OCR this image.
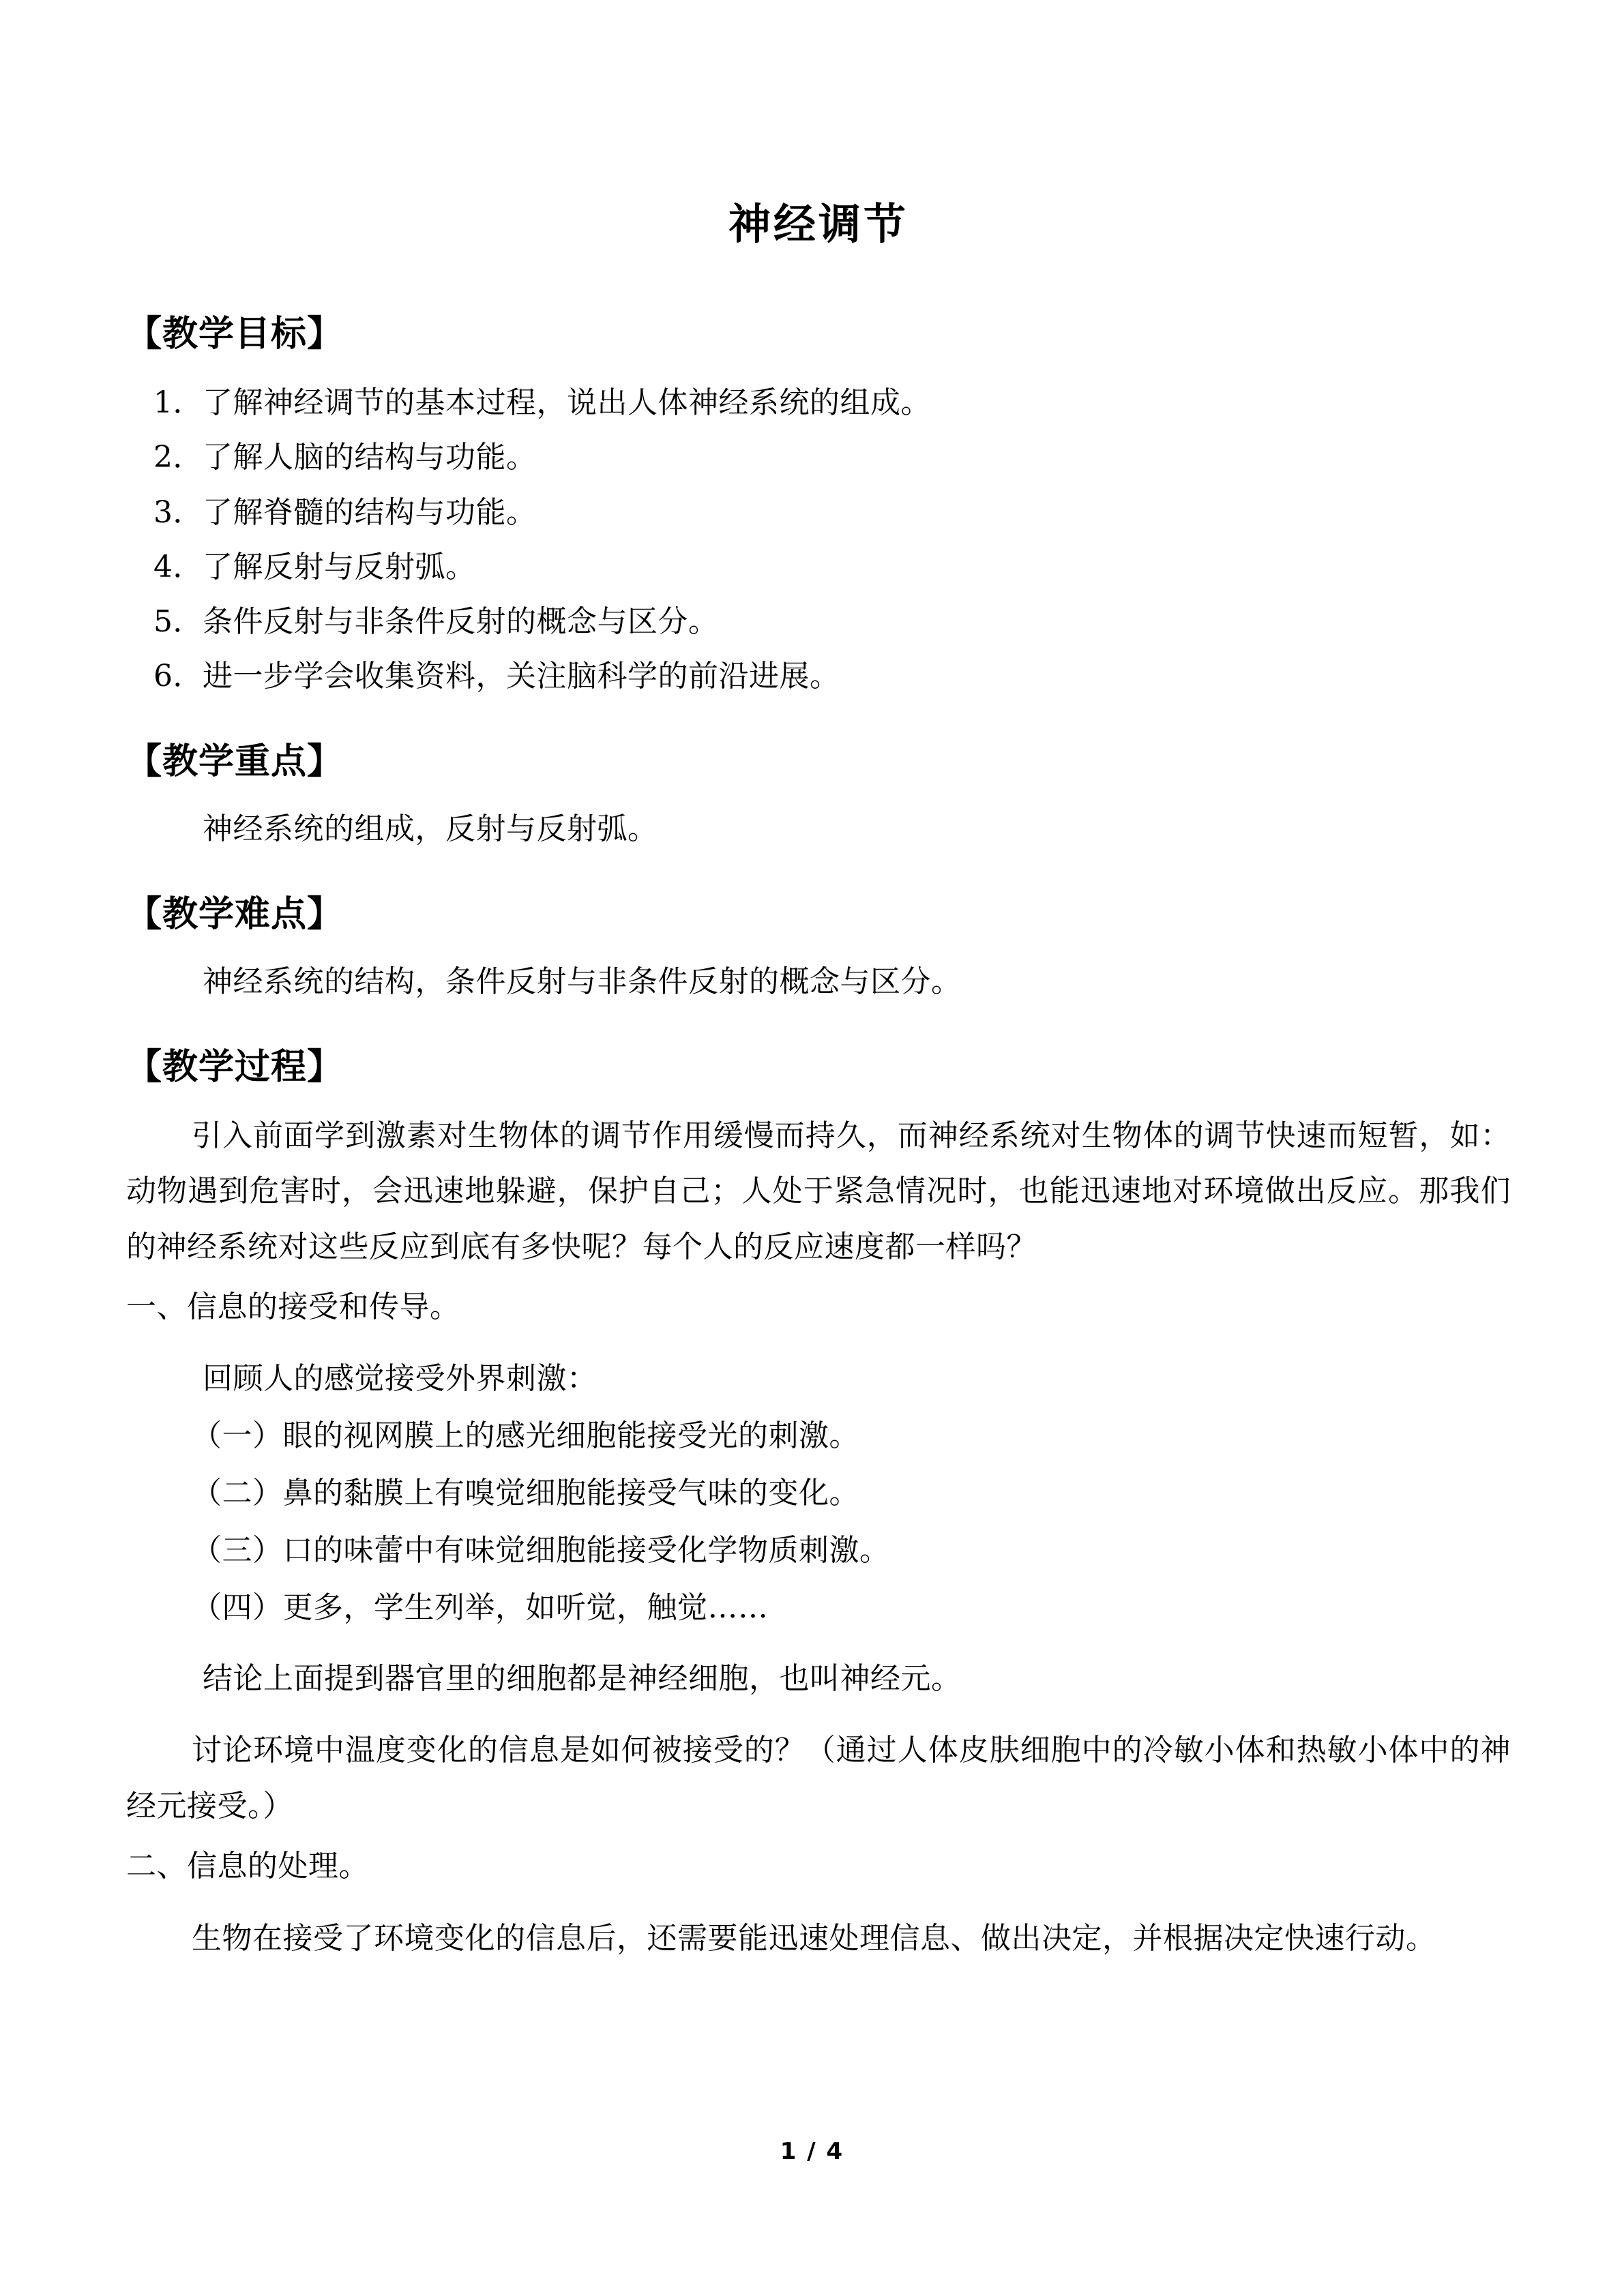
神经调节
【教学目标】
1．了解神经调节的基本过程，说出人体神经系统的组成。
2．了解人脑的结构与功能。
3．了解脊髓的结构与功能。
4．了解反射与反射弧。
5．条件反射与非条件反射的概念与区分。
6．进一步学会收集资料，关注脑科学的前沿进展。
【教学重点】

神经系统的组成，反射与反射弧。

【教学难点】

神经系统的结构，条件反射与非条件反射的概念与区分。

【教学过程】

引入前面学到激素对生物体的调节作用缓慢而持久，而神经系统对生物体的调节快速而短暂，如：动物遇到危害时，会迅速地躲避，保护自己；人处于紧急情况时，也能迅速地对环境做出反应。那我们的神经系统对这些反应到底有多快呢？每个人的反应速度都一样吗？

一、信息的接受和传导。

回顾人的感觉接受外界刺激：

（一）眼的视网膜上的感光细胞能接受光的刺激。

（二）鼻的黏膜上有嗅觉细胞能接受气味的变化。

（三）口的味蕾中有味觉细胞能接受化学物质刺激。

（四）更多，学生列举，如听觉，触觉……

结论上面提到器官里的细胞都是神经细胞，也叫神经元。

讨论环境中温度变化的信息是如何被接受的？（通过人体皮肤细胞中的冷敏小体和热敏小体中的神经元接受。）

二、信息的处理。

生物在接受了环境变化的信息后，还需要能迅速处理信息、做出决定，并根据决定快速行动。

1 / 4
